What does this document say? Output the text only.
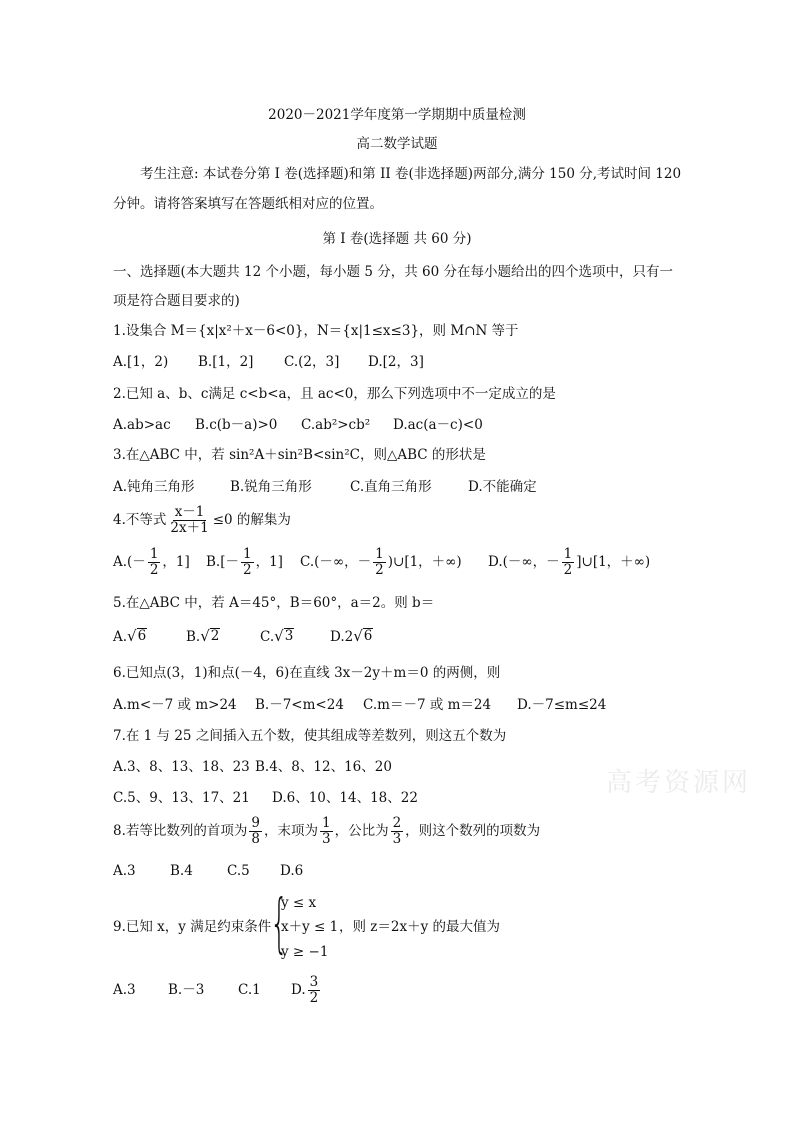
2020－2021学年度第一学期期中质量检测
高二数学试题
考生注意: 本试卷分第 I 卷(选择题)和第 II 卷(非选择题)两部分,满分 150 分,考试时间 120
分钟。请将答案填写在答题纸相对应的位置。
第 I 卷(选择题 共 60 分)
一、选择题(本大题共 12 个小题，每小题 5 分，共 60 分在每小题给出的四个选项中，只有一
项是符合题目要求的)
1.设集合 M＝{x|x²＋x－6<0}，N＝{x|1≤x≤3}，则 M∩N 等于
A.[1，2)	B.[1，2]	C.(2，3]	D.[2，3]
2.已知 a、b、c满足 c<b<a，且 ac<0，那么下列选项中不一定成立的是
A.ab>ac	B.c(b－a)>0	C.ab²>cb²	D.ac(a－c)<0
3.在△ABC 中，若 sin²A＋sin²B<sin²C，则△ABC 的形状是
A.钝角三角形	B.锐角三角形	C.直角三角形	D.不能确定
4.不等式 $\frac{x-1}{2x+1} \le 0$ 的解集为
$A.(- \frac{1}{2}$ ，1]	$B.[- \frac{1}{2}$ ，1]	C.(－∞，－ $\frac{1}{2}$ )∪[1，＋∞)	D.(－∞，－ $\frac{1}{2}$ ]∪[1，＋∞)
5.在△ABC 中，若 A＝45°，B＝60°，a＝2。则 b＝
A. √ 6	B. √ 2	C. √ 3	D.2 √ 6
6.已知点(3，1)和点(－4，6)在直线 3x－2y＋m＝0 的两侧，则
A.m<－7 或 m>24	B.－7<m<24	C.m＝－7 或 m＝24	D.－7≤m≤24
7.在 1 与 25 之间插入五个数，使其组成等差数列，则这五个数为
A.3、8、13、18、23 B.4、8、12、16、20
C.5、9、13、17、21	D.6、10、14、18、22	高考资源网
8.若等比数列的首项为 $\frac{9}{8}$ ，末项为 $\frac{1}{3}$ ，公比为 $\frac{2}{3}$ ，则这个数列的项数为
A.3	B.4	C.5	D.6
9.已知 x，y 满足约束条件
{
y ≤ x
x＋y ≤ 1
y ≥ −1
，则 z＝2x＋y 的最大值为
A.3	B.－3	C.1	D. $\frac{3}{2}$
